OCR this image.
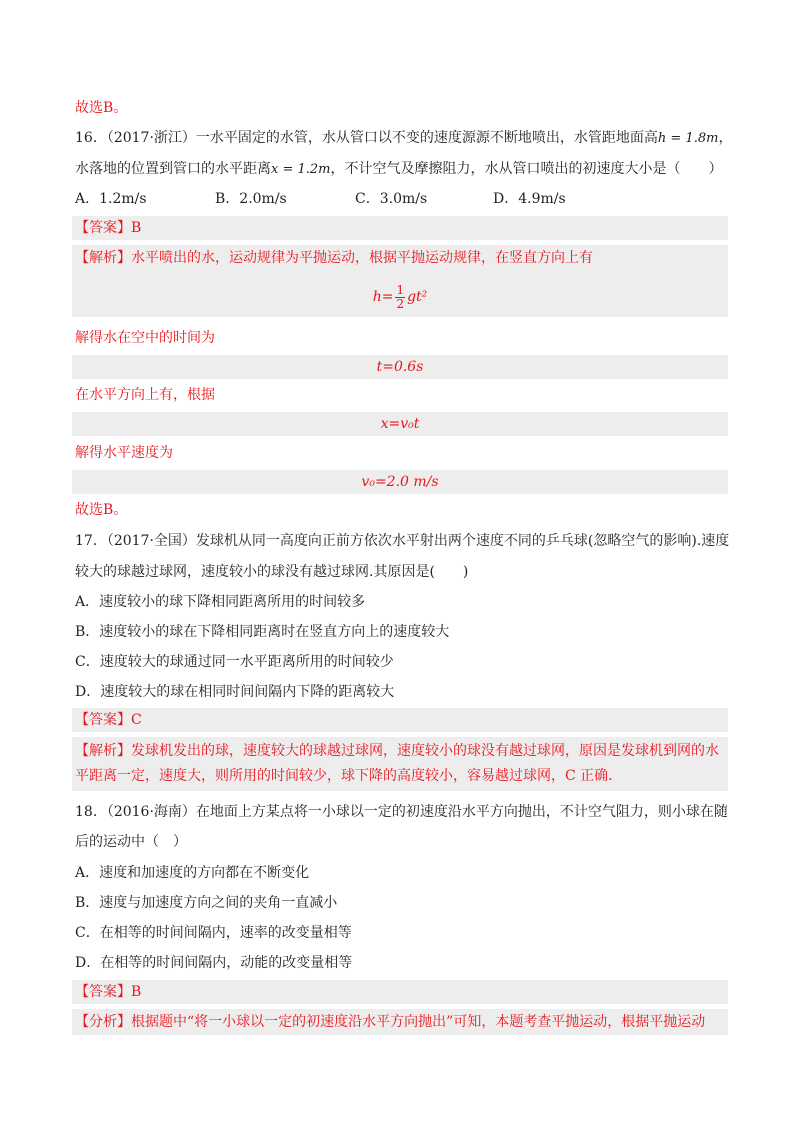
故选B。
16．（2017·浙江）一水平固定的水管，水从管口以不变的速度源源不断地喷出，水管距地面高h = 1.8m，
水落地的位置到管口的水平距离x = 1.2m，不计空气及摩擦阻力，水从管口喷出的初速度大小是（　　）
A．1.2m/s	B．2.0m/s	C．3.0m/s	D．4.9m/s
【答案】B
【解析】水平喷出的水，运动规律为平抛运动，根据平抛运动规律，在竖直方向上有
$h= \frac{1}{2} gt^2$
解得水在空中的时间为
t=0.6s
在水平方向上有，根据
x=v₀t
解得水平速度为
v₀=2.0 m/s
故选B。
17．（2017·全国）发球机从同一高度向正前方依次水平射出两个速度不同的乒乓球(忽略空气的影响).速度
较大的球越过球网，速度较小的球没有越过球网.其原因是(　　)
A．速度较小的球下降相同距离所用的时间较多
B．速度较小的球在下降相同距离时在竖直方向上的速度较大
C．速度较大的球通过同一水平距离所用的时间较少
D．速度较大的球在相同时间间隔内下降的距离较大
【答案】C
【解析】发球机发出的球，速度较大的球越过球网，速度较小的球没有越过球网，原因是发球机到网的水
平距离一定，速度大，则所用的时间较少，球下降的高度较小，容易越过球网，C 正确.
18．（2016·海南）在地面上方某点将一小球以一定的初速度沿水平方向抛出，不计空气阻力，则小球在随
后的运动中（　）
A．速度和加速度的方向都在不断变化
B．速度与加速度方向之间的夹角一直减小
C．在相等的时间间隔内，速率的改变量相等
D．在相等的时间间隔内，动能的改变量相等
【答案】B
【分析】根据题中“将一小球以一定的初速度沿水平方向抛出”可知，本题考查平抛运动，根据平抛运动
